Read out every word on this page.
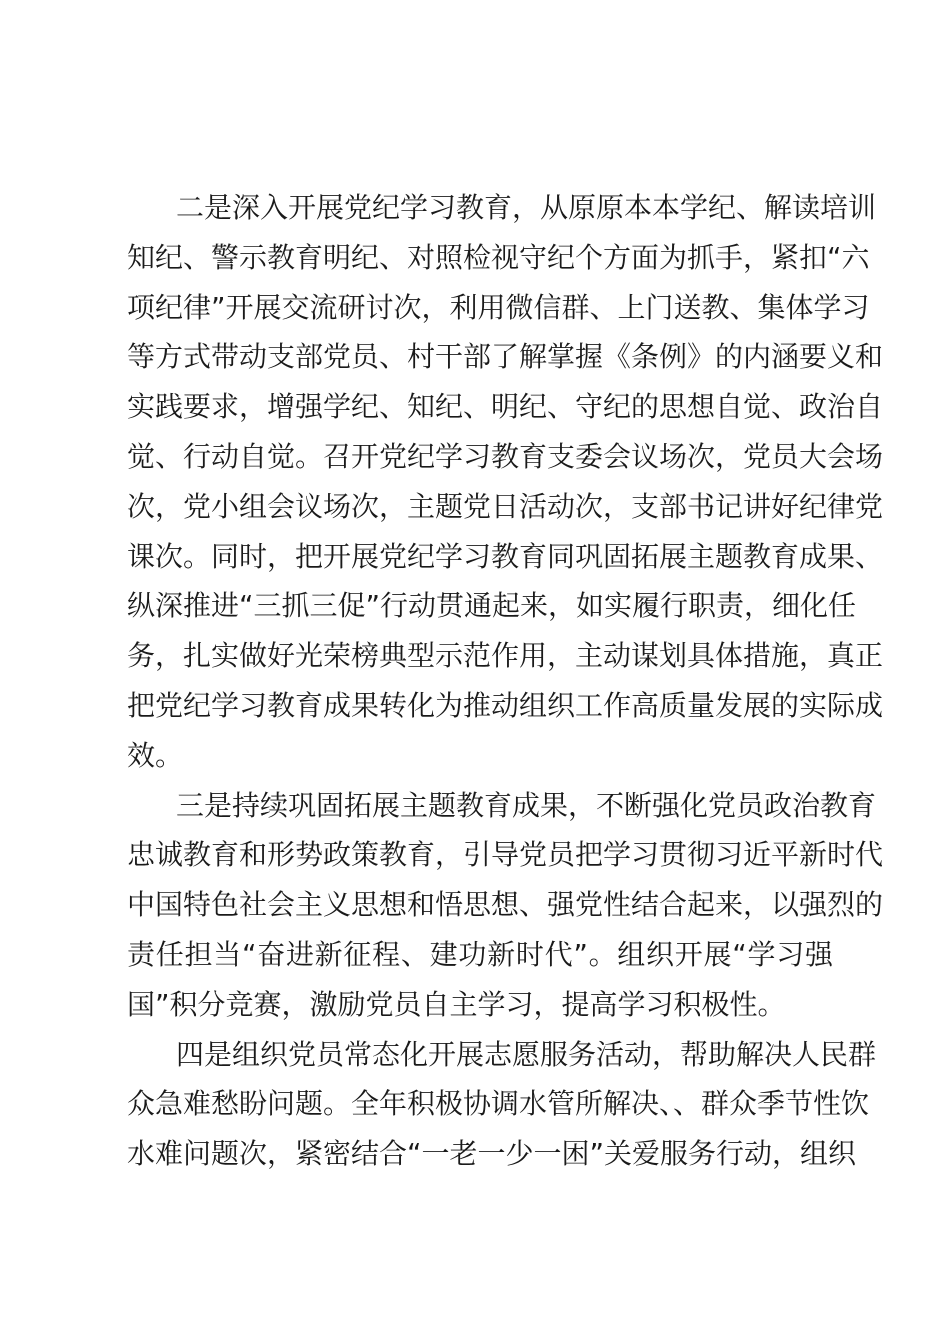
二是深入开展党纪学习教育，从原原本本学纪、解读培训
知纪、警示教育明纪、对照检视守纪个方面为抓手，紧扣“六
项纪律”开展交流研讨次，利用微信群、上门送教、集体学习
等方式带动支部党员、村干部了解掌握《条例》的内涵要义和
实践要求，增强学纪、知纪、明纪、守纪的思想自觉、政治自
觉、行动自觉。召开党纪学习教育支委会议场次，党员大会场
次，党小组会议场次，主题党日活动次，支部书记讲好纪律党
课次。同时，把开展党纪学习教育同巩固拓展主题教育成果、
纵深推进“三抓三促”行动贯通起来，如实履行职责，细化任
务，扎实做好光荣榜典型示范作用，主动谋划具体措施，真正
把党纪学习教育成果转化为推动组织工作高质量发展的实际成
效。
三是持续巩固拓展主题教育成果，不断强化党员政治教育
忠诚教育和形势政策教育，引导党员把学习贯彻习近平新时代
中国特色社会主义思想和悟思想、强党性结合起来，以强烈的
责任担当“奋进新征程、建功新时代”。组织开展“学习强
国”积分竞赛，激励党员自主学习，提高学习积极性。
四是组织党员常态化开展志愿服务活动，帮助解决人民群
众急难愁盼问题。全年积极协调水管所解决、、群众季节性饮
水难问题次，紧密结合“一老一少一困”关爱服务行动，组织
